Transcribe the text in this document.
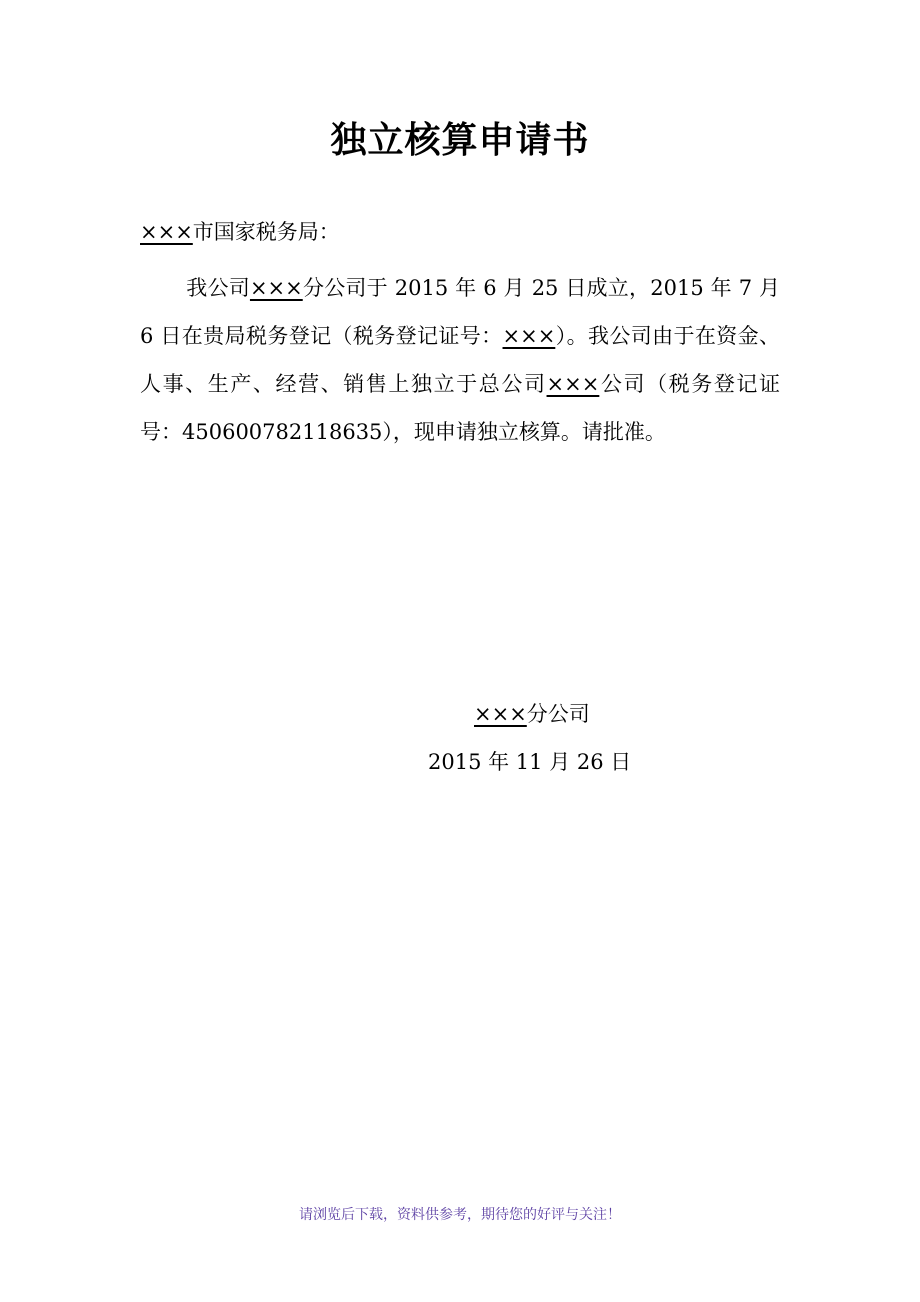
独立核算申请书
×××市国家税务局：
我公司×××分公司于 2015 年 6 月 25 日成立，2015 年 7 月 6 日在贵局税务登记（税务登记证号：×××）。我公司由于在资金、人事、生产、经营、销售上独立于总公司×××公司（税务登记证号：450600782118635），现申请独立核算。请批准。
×××分公司
2015 年 11 月 26 日
请浏览后下载，资料供参考，期待您的好评与关注！
